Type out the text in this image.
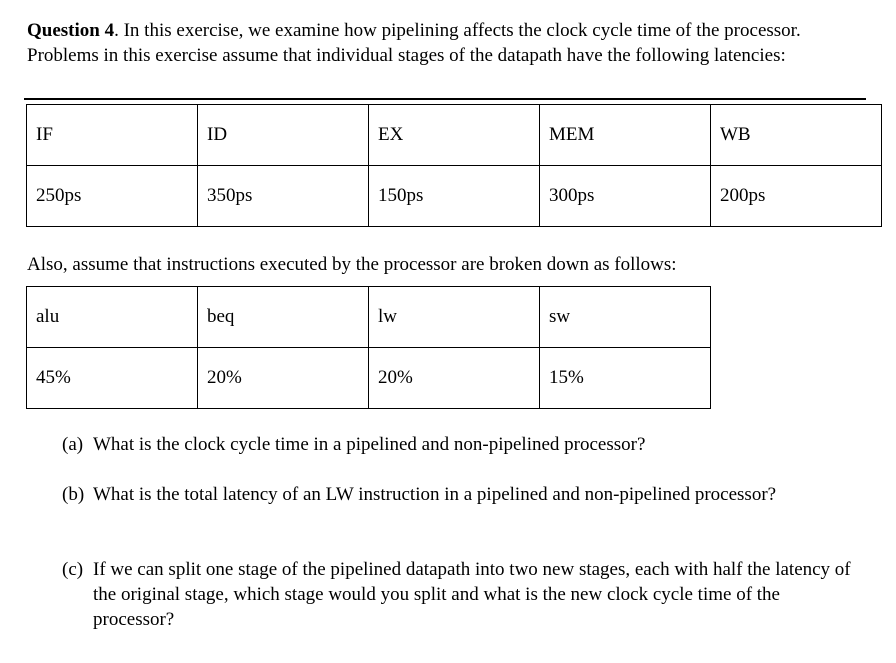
Question 4. In this exercise, we examine how pipelining affects the clock cycle time of the processor. Problems in this exercise assume that individual stages of the datapath have the following latencies:

IF	ID	EX	MEM	WB
250ps	350ps	150ps	300ps	200ps

Also, assume that instructions executed by the processor are broken down as follows:

alu	beq	lw	sw
45%	20%	20%	15%

(a) What is the clock cycle time in a pipelined and non-pipelined processor?

(b) What is the total latency of an LW instruction in a pipelined and non-pipelined processor?

(c) If we can split one stage of the pipelined datapath into two new stages, each with half the latency of the original stage, which stage would you split and what is the new clock cycle time of the processor?
